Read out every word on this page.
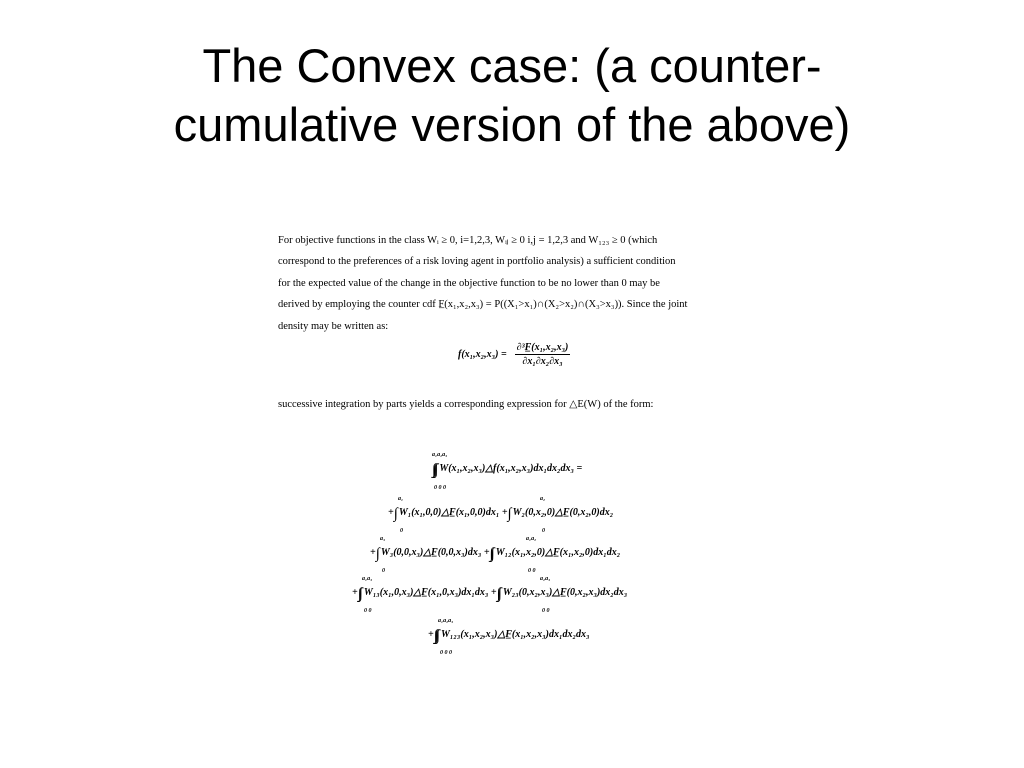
The Convex case: (a counter-
cumulative version of the above)
For objective functions in the class Wᵢ ≥ 0, i=1,2,3, Wᵢⱼ ≥ 0 i,j = 1,2,3 and W₁₂₃ ≥ 0 (which
correspond to the preferences of a risk loving agent in portfolio analysis) a sufficient condition
for the expected value of the change in the objective function to be no lower than 0 may be
derived by employing the counter cdf F̲(x₁,x₂,x₃) = P((X₁>x₁)∩(X₂>x₂)∩(X₃>x₃)). Since the joint
density may be written as:
$f(x_1,x_2,x_3) = \frac{\text{∂³F̲(x₁,x₂,x₃)}}{\text{∂x₁∂x₂∂x₃}}$
successive integration by parts yields a corresponding expression for △E(W) of the form:
a₁a₂a₃
∫∫∫ W(x₁,x₂,x₃)△f(x₁,x₂,x₃)dx₁dx₂dx₃ =
0 0 0
a₁	a₂
+∫ W₁(x₁,0,0)△F̲(x₁,0,0)dx₁ +∫ W₂(0,x₂,0)△F̲(0,x₂,0)dx₂
0	0
a₃	a₁a₂
+∫ W₃(0,0,x₃)△F̲(0,0,x₃)dx₃ +∫∫ W₁₂(x₁,x₂,0)△F̲(x₁,x₂,0)dx₁dx₂
0	0 0
a₁a₃	a₂a₃
+∫∫ W₁₃(x₁,0,x₃)△F̲(x₁,0,x₃)dx₁dx₃ +∫∫ W₂₃(0,x₂,x₃)△F̲(0,x₂,x₃)dx₂dx₃
0 0	0 0
a₁a₂a₃
+∫∫∫ W₁₂₃(x₁,x₂,x₃)△F̲(x₁,x₂,x₃)dx₁dx₂dx₃
0 0 0
